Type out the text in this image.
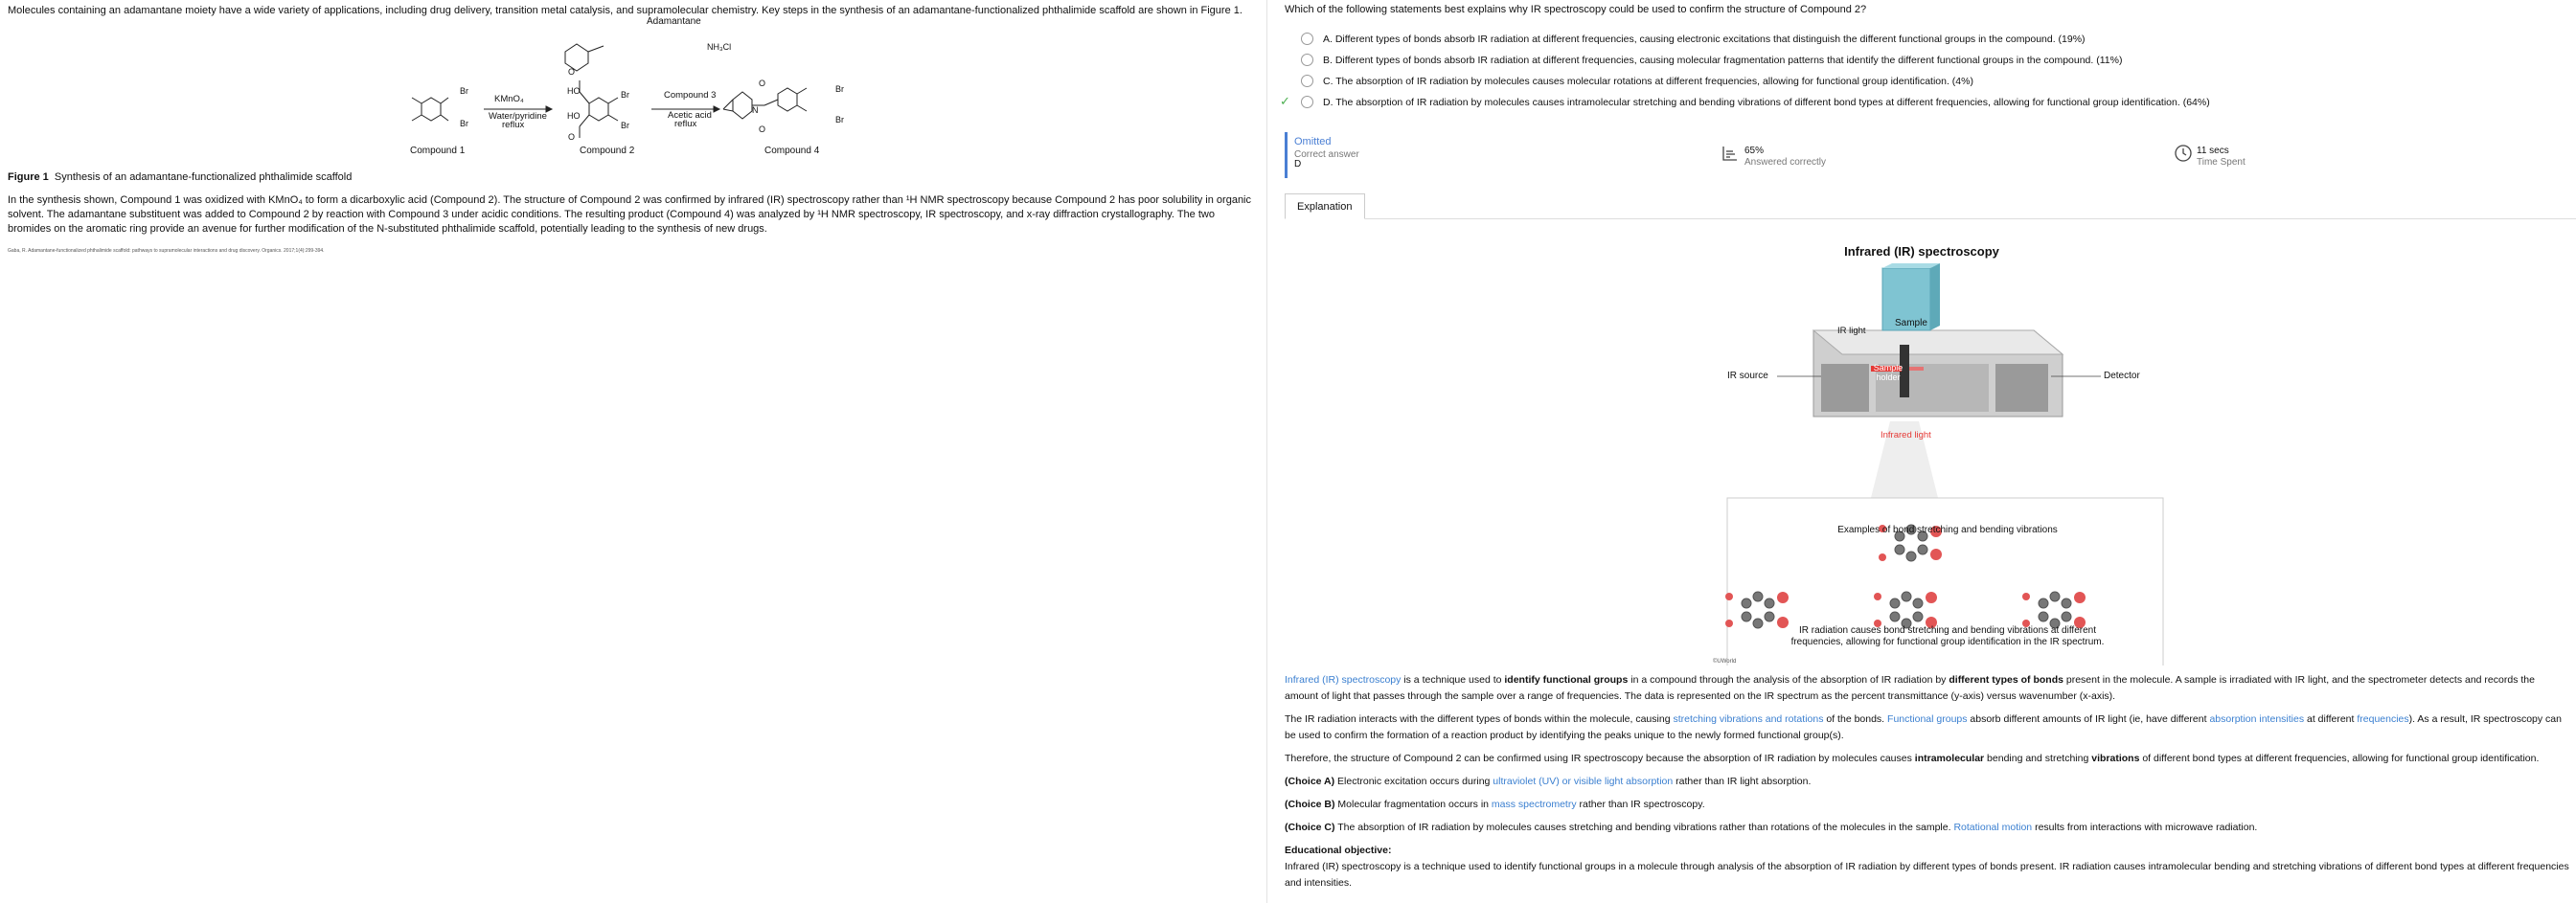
Molecules containing an adamantane moiety have a wide variety of applications, including drug delivery, transition metal catalysis, and supramolecular chemistry. Key steps in the synthesis of an adamantane-functionalized phthalimide scaffold are shown in Figure 1.
Adamantane
NH₃Cl
Br
Br
KMnO₄
Water/pyridine
reflux
O
HO
HO
O
Br
Br
Compound 3
Acetic acid
reflux
N
O
O
Br
Br
Compound 1	Compound 2	Compound 4
Figure 1 Synthesis of an adamantane-functionalized phthalimide scaffold
In the synthesis shown, Compound 1 was oxidized with KMnO₄ to form a dicarboxylic acid (Compound 2). The structure of Compound 2 was confirmed by infrared (IR) spectroscopy rather than ¹H NMR spectroscopy because Compound 2 has poor solubility in organic solvent. The adamantane substituent was added to Compound 2 by reaction with Compound 3 under acidic conditions. The resulting product (Compound 4) was analyzed by ¹H NMR spectroscopy, IR spectroscopy, and x-ray diffraction crystallography. The two bromides on the aromatic ring provide an avenue for further modification of the N-substituted phthalimide scaffold, potentially leading to the synthesis of new drugs.
Gaba, R. Adamantane-functionalized phthalimide scaffold: pathways to supramolecular interactions and drug discovery. Organics. 2017;1(4):299-394.
Which of the following statements best explains why IR spectroscopy could be used to confirm the structure of Compound 2?
A. Different types of bonds absorb IR radiation at different frequencies, causing electronic excitations that distinguish the different functional groups in the compound. (19%)
B. Different types of bonds absorb IR radiation at different frequencies, causing molecular fragmentation patterns that identify the different functional groups in the compound. (11%)
C. The absorption of IR radiation by molecules causes molecular rotations at different frequencies, allowing for functional group identification. (4%)
✓	D. The absorption of IR radiation by molecules causes intramolecular stretching and bending vibrations of different bond types at different frequencies, allowing for functional group identification. (64%)
Omitted
Correct answer
D
65%
Answered correctly
11 secs
Time Spent
Explanation
Infrared (IR) spectroscopy
Sample
IR light
IR source
Sample holder	Detector
Infrared light
Examples of bond stretching and bending vibrations
IR radiation causes bond stretching and bending vibrations at different
frequencies, allowing for functional group identification in the IR spectrum.
©UWorld

Infrared (IR) spectroscopy is a technique used to identify functional groups in a compound through the analysis of the absorption of IR radiation by different types of bonds present in the molecule. A sample is irradiated with IR light, and the spectrometer detects and records the amount of light that passes through the sample over a range of frequencies. The data is represented on the IR spectrum as the percent transmittance (y-axis) versus wavenumber (x-axis).

The IR radiation interacts with the different types of bonds within the molecule, causing stretching vibrations and rotations of the bonds. Functional groups absorb different amounts of IR light (ie, have different absorption intensities at different frequencies). As a result, IR spectroscopy can be used to confirm the formation of a reaction product by identifying the peaks unique to the newly formed functional group(s).

Therefore, the structure of Compound 2 can be confirmed using IR spectroscopy because the absorption of IR radiation by molecules causes intramolecular bending and stretching vibrations of different bond types at different frequencies, allowing for functional group identification.

(Choice A) Electronic excitation occurs during ultraviolet (UV) or visible light absorption rather than IR light absorption.

(Choice B) Molecular fragmentation occurs in mass spectrometry rather than IR spectroscopy.

(Choice C) The absorption of IR radiation by molecules causes stretching and bending vibrations rather than rotations of the molecules in the sample. Rotational motion results from interactions with microwave radiation.

Educational objective:

Infrared (IR) spectroscopy is a technique used to identify functional groups in a molecule through analysis of the absorption of IR radiation by different types of bonds present. IR radiation causes intramolecular bending and stretching vibrations of different bond types at different frequencies and intensities.
